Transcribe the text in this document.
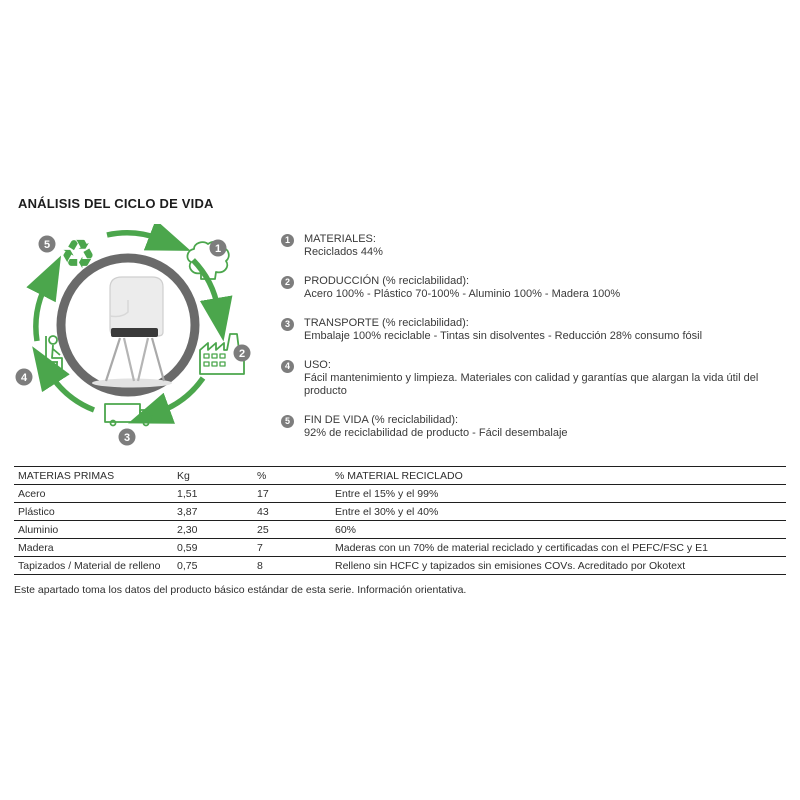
ANÁLISIS DEL CICLO DE VIDA
♻	1
2
3
4
5	1	MATERIALES:
Reciclados 44%
2	PRODUCCIÓN (% reciclabilidad):
Acero 100% - Plástico 70-100% - Aluminio 100% - Madera 100%
3	TRANSPORTE (% reciclabilidad):
Embalaje 100% reciclable - Tintas sin disolventes - Reducción 28% consumo fósil
4	USO:
Fácil mantenimiento y limpieza. Materiales con calidad y garantías que alargan la vida útil del producto
5	FIN DE VIDA (% reciclabilidad):
92% de reciclabilidad de producto - Fácil desembalaje
MATERIAS PRIMAS	Kg	%	% MATERIAL RECICLADO
Acero	1,51	17	Entre el 15% y el 99%
Plástico	3,87	43	Entre el 30% y el 40%
Aluminio	2,30	25	60%
Madera	0,59	7	Maderas con un 70% de material reciclado y certificadas con el PEFC/FSC y E1
Tapizados / Material de relleno	0,75	8	Relleno sin HCFC y tapizados sin emisiones COVs. Acreditado por Okotext
Este apartado toma los datos del producto básico estándar de esta serie. Información orientativa.
